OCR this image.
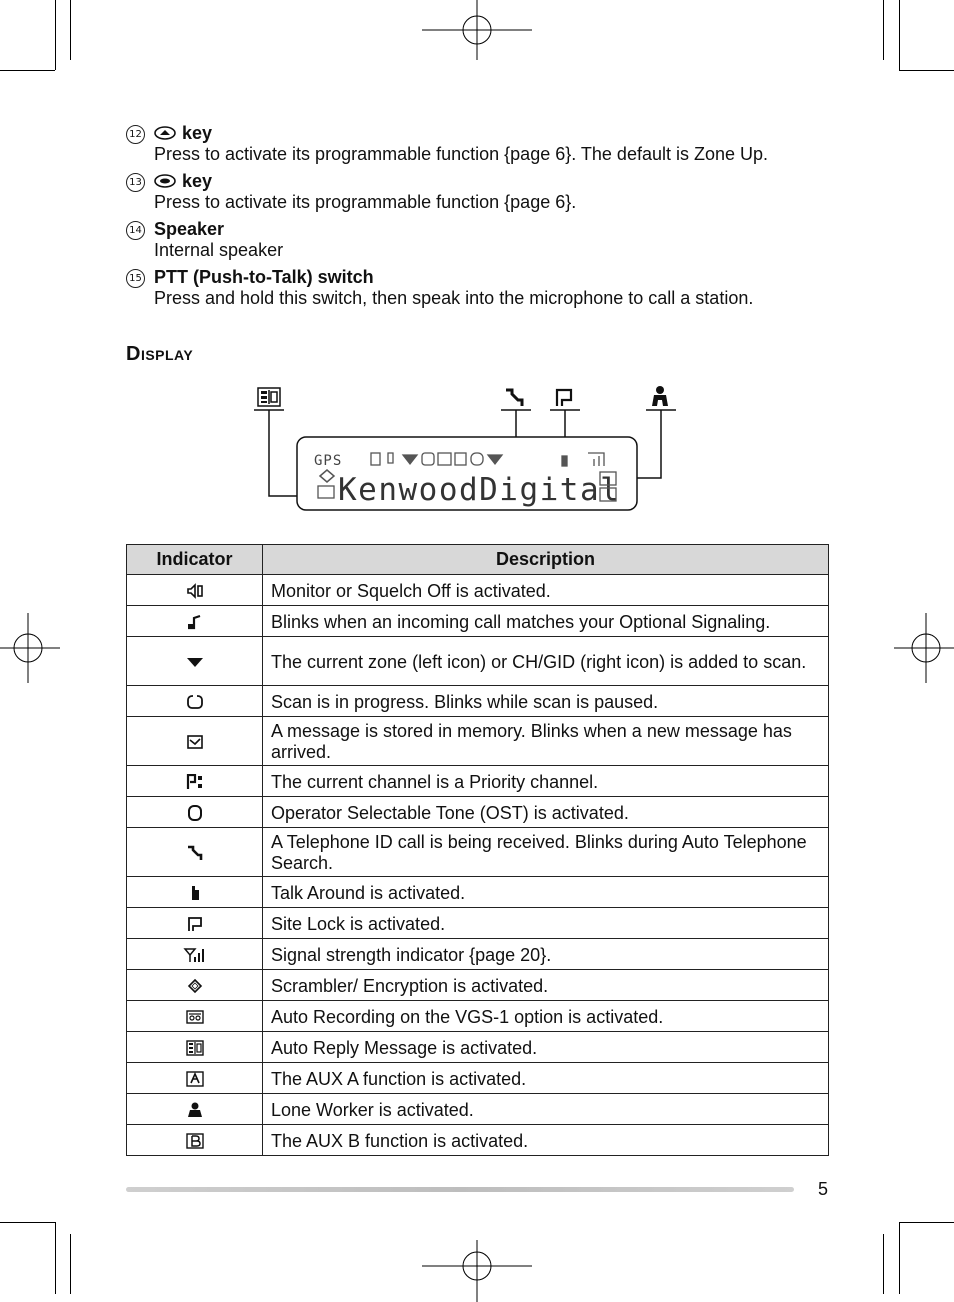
12 key
Press to activate its programmable function {page 6}. The default is Zone Up.
13 key
Press to activate its programmable function {page 6}.
14 Speaker
Internal speaker
15 PTT (Push-to-Talk) switch
Press and hold this switch, then speak into the microphone to call a station.
Display
GPS
KenwoodDigital
Indicator	Description
	Monitor or Squelch Off is activated.
	Blinks when an incoming call matches your Optional Signaling.
	The current zone (left icon) or CH/GID (right icon) is added to scan.
	Scan is in progress. Blinks while scan is paused.
	A message is stored in memory. Blinks when a new message has arrived.
	The current channel is a Priority channel.
	Operator Selectable Tone (OST) is activated.
	A Telephone ID call is being received. Blinks during Auto Telephone Search.
	Talk Around is activated.
	Site Lock is activated.
	Signal strength indicator {page 20}.
	Scrambler/ Encryption is activated.
	Auto Recording on the VGS-1 option is activated.
	Auto Reply Message is activated.
	The AUX A function is activated.
	Lone Worker is activated.
	The AUX B function is activated.
5
